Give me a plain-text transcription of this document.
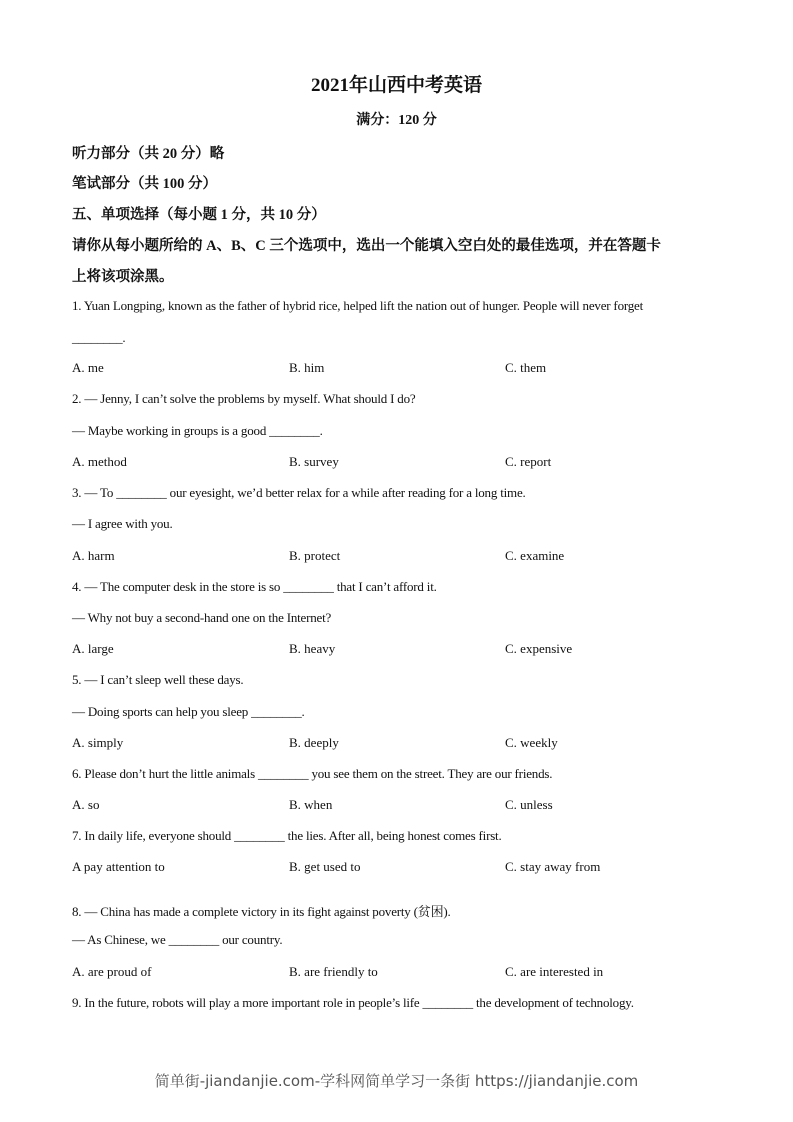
2021年山西中考英语
满分：120 分
听力部分（共 20 分）略
笔试部分（共 100 分）
五、单项选择（每小题 1 分，共 10 分）
请你从每小题所给的 A、B、C 三个选项中，选出一个能填入空白处的最佳选项，并在答题卡
上将该项涂黑。
1. Yuan Longping, known as the father of hybrid rice, helped lift the nation out of hunger. People will never forget
________.
A. me	B. him	C. them
2. — Jenny, I can’t solve the problems by myself. What should I do?
— Maybe working in groups is a good ________.
A. method	B. survey	C. report
3. — To ________ our eyesight, we’d better relax for a while after reading for a long time.
— I agree with you.
A. harm	B. protect	C. examine
4. — The computer desk in the store is so ________ that I can’t afford it.
— Why not buy a second-hand one on the Internet?
A. large	B. heavy	C. expensive
5. — I can’t sleep well these days.
— Doing sports can help you sleep ________.
A. simply	B. deeply	C. weekly
6. Please don’t hurt the little animals ________ you see them on the street. They are our friends.
A. so	B. when	C. unless
7. In daily life, everyone should ________ the lies. After all, being honest comes first.
A pay attention to	B. get used to	C. stay away from
8. — China has made a complete victory in its fight against poverty (贫困).
— As Chinese, we ________ our country.
A. are proud of	B. are friendly to	C. are interested in
9. In the future, robots will play a more important role in people’s life ________ the development of technology.
简单街-jiandanjie.com-学科网简单学习一条街 https://jiandanjie.com
